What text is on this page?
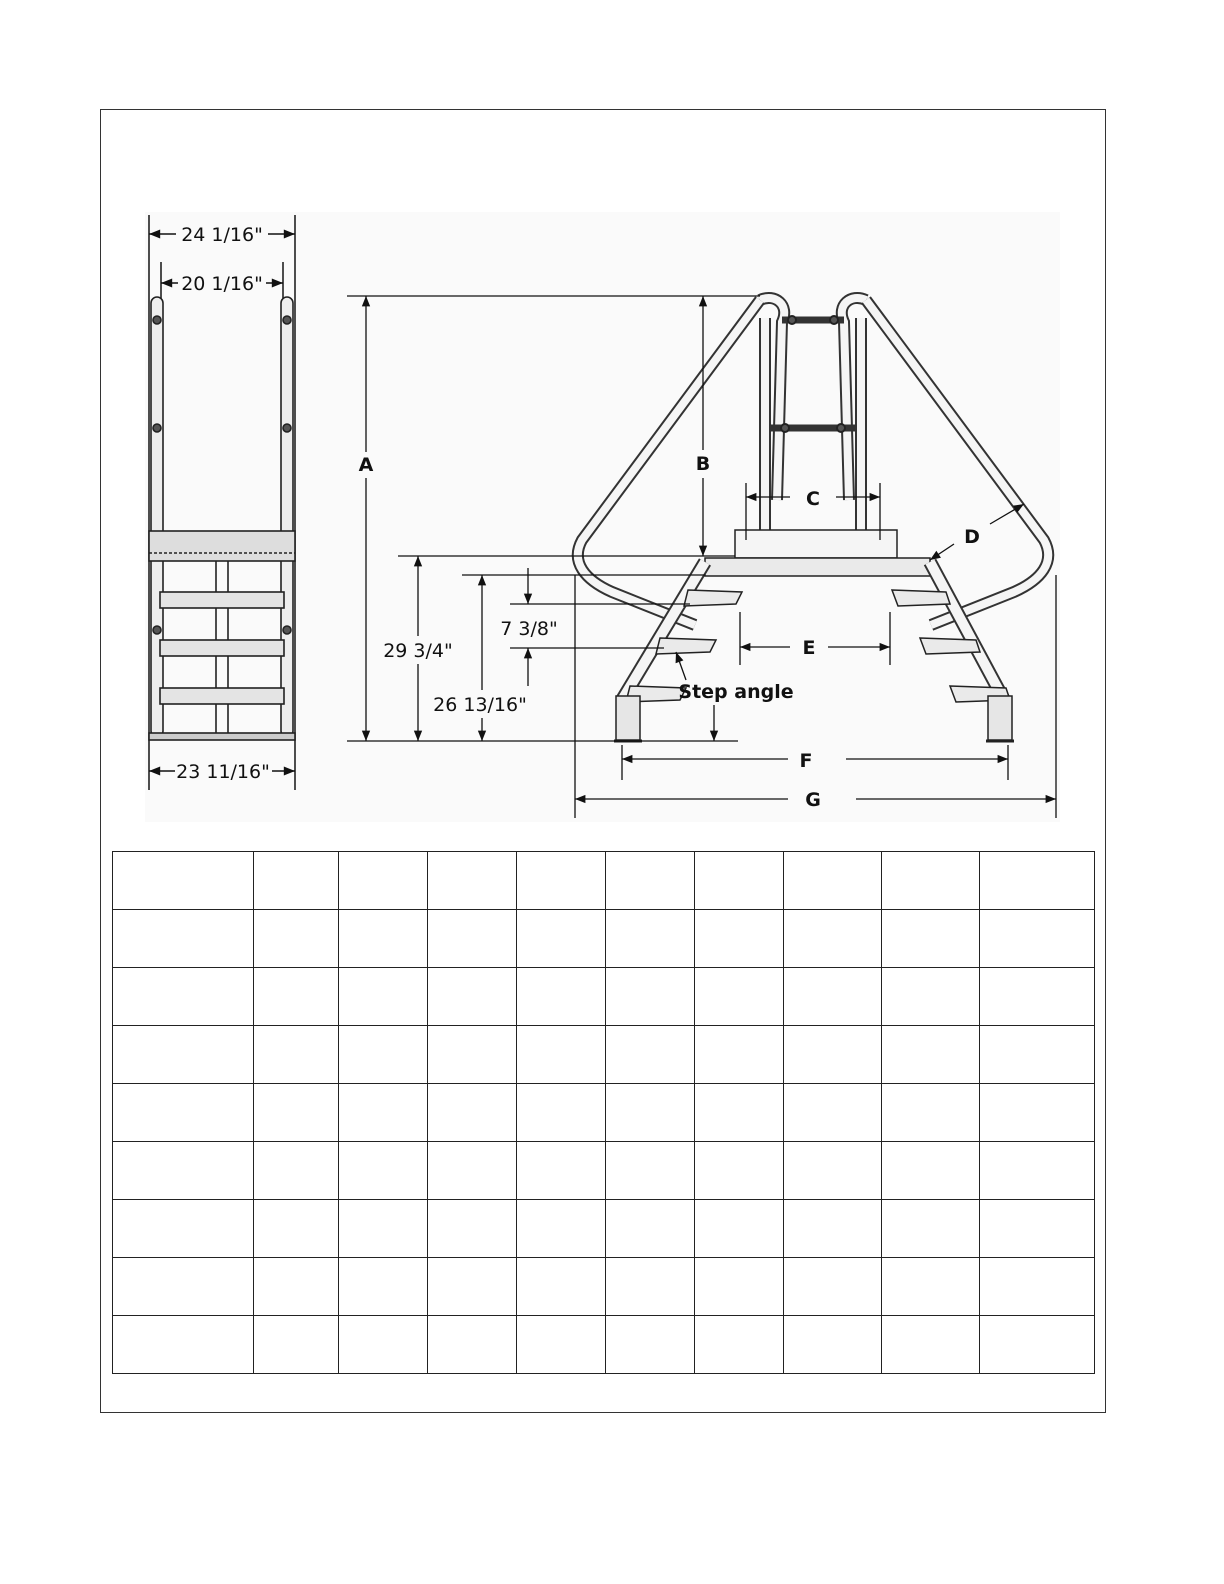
24 1/16"
20 1/16"
23 11/16"
A	B
C
D
E
F
G
29 3/4"
26 13/16"
7 3/8"
Step angle
